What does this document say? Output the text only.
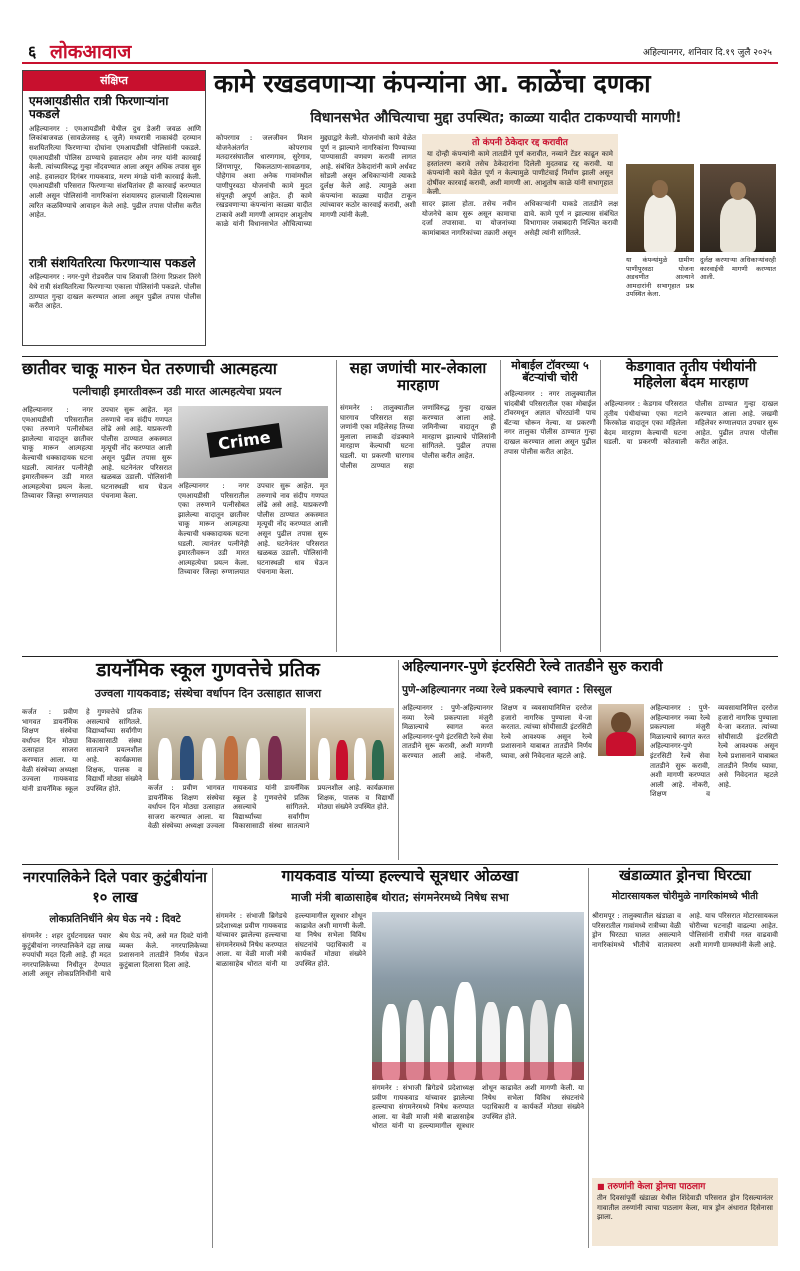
६ लोकआवाज	अहिल्यानगर, शनिवार दि.१९ जुलै २०२५
संक्षिप्त
एमआयडीसीत रात्री फिरणाऱ्यांना पकडले
अहिल्यानगर : एमआयडीसी येथील दुध डेअरी जवळ आणि लिकांबाजवळ (सावळेजसह ६ जुलै) मध्यरात्री नाकाबंदी दरम्यान सशयितरित्या फिरणाऱ्या दोघांना एमआयडीसी पोलिसांनी पकडले. एमआयडीसी पोलिस ठाण्याचे हवालदार ओम नगर यांनी कारवाई केली. त्यांच्याविरुद्ध गुन्हा नोंदवण्यात आला असून अधिक तपास सुरु आहे. हवालदार दिगंबर गायकवाड, मरण मंगळे यांनी कारवाई केली. एमआयडीसी परिसरात फिरणाऱ्या संशयितांवर ही कारवाई करण्यात आली असून पोलिसांनी नागरिकांना संशयास्पद हालचाली दिसल्यास त्वरित कळविण्याचे आवाहन केले आहे. पुढील तपास पोलीस करीत आहेत.
रात्री संशयितरित्या फिरणाऱ्यास पकडले
अहिल्यानगर : नगर-पुणे रोडवरील पाच शिवाजी तिरंगा रिफ्रशर तिरंगे येथे रात्री संशयितरित्या फिरणाऱ्या एकाला पोलिसांनी पकडले. पोलीस ठाण्यात गुन्हा दाखल करण्यात आला असून पुढील तपास पोलीस करीत आहेत.
कामे रखडवणाऱ्या कंपन्यांना आ. काळेंचा दणका
विधानसभेत औचित्याचा मुद्दा उपस्थित; काळ्या यादीत टाकण्याची मागणी!
कोपरगाव : जलजीवन मिशन योजनेअंतर्गत कोपरगाव मतदारसंघातील धारणगाव, सुरेगाव, शिंगणापूर, चिकलठाण-सावळगाव, पोहेगाव अशा अनेक गावांमधील पाणीपुरवठा योजनांची कामे मुदत संपूनही अपूर्ण आहेत. ही कामे रखडवणाऱ्या कंपन्यांना काळ्या यादीत टाकावे अशी मागणी आमदार आशुतोष काळे यांनी विधानसभेत औचित्याच्या मुद्द्याद्वारे केली. योजनांची कामे वेळेत पूर्ण न झाल्याने नागरिकांना पिण्याच्या पाण्यासाठी वणवण करावी लागत आहे. संबंधित ठेकेदारांनी कामे अर्धवट सोडली असून अधिकाऱ्यांनी त्याकडे दुर्लक्ष केले आहे. त्यामुळे अशा कंपन्यांना काळ्या यादीत टाकून त्यांच्यावर कठोर कारवाई करावी, अशी मागणी त्यांनी केली.
तो कंपनी ठेकेदार रद्द करावीत
या दोन्ही कंपन्यांनी कामे तातडीने पूर्ण करावीत, नव्याने टेंडर काढून कामे हस्तांतरण करावे तसेच ठेकेदारांना दिलेली मुदतवाढ रद्द करावी. या कंपन्यांनी कामे वेळेत पूर्ण न केल्यामुळे पाणीटंचाई निर्माण झाली असून दोषींवर कारवाई करावी, अशी मागणी आ. आशुतोष काळे यांनी सभागृहात केली.
सादर झाला होता. तसेच नवीन योजनेचे काम सुरू असून कामाचा दर्जा तपासावा. या योजनांच्या कामांबाबत नागरिकांच्या तक्रारी असून अधिकाऱ्यांनी याकडे तातडीने लक्ष द्यावे. कामे पूर्ण न झाल्यास संबंधित विभागावर जबाबदारी निश्चित करावी असेही त्यांनी सांगितले.
या कंपन्यांमुळे ग्रामीण पाणीपुरवठा योजना अडचणीत आल्याने आमदारांनी सभागृहात प्रश्न उपस्थित केला.
दुर्लक्ष करणाऱ्या अधिकाऱ्यांवरही कारवाईची मागणी करण्यात आली.
छातीवर चाकू मारुन घेत तरुणाची आत्महत्या
पत्नीचाही इमारतीवरून उडी मारत आत्महत्येचा प्रयत्न
अहिल्यानगर : नगर एमआयडीसी परिसरातील एका तरुणाने पत्नीसोबत झालेल्या वादातून छातीवर चाकू मारून आत्महत्या केल्याची धक्कादायक घटना घडली. त्यानंतर पत्नीनेही इमारतीवरून उडी मारत आत्महत्येचा प्रयत्न केला. तिच्यावर जिल्हा रुग्णालयात उपचार सुरू आहेत. मृत तरुणाचे नाव संदीप गणपत लोंढे असे आहे. याप्रकरणी पोलीस ठाण्यात अकस्मात मृत्यूची नोंद करण्यात आली असून पुढील तपास सुरू आहे. घटनेनंतर परिसरात खळबळ उडाली. पोलिसांनी घटनास्थळी धाव घेऊन पंचनामा केला.
Crime
अहिल्यानगर : नगर एमआयडीसी परिसरातील एका तरुणाने पत्नीसोबत झालेल्या वादातून छातीवर चाकू मारून आत्महत्या केल्याची धक्कादायक घटना घडली. त्यानंतर पत्नीनेही इमारतीवरून उडी मारत आत्महत्येचा प्रयत्न केला. तिच्यावर जिल्हा रुग्णालयात उपचार सुरू आहेत. मृत तरुणाचे नाव संदीप गणपत लोंढे असे आहे. याप्रकरणी पोलीस ठाण्यात अकस्मात मृत्यूची नोंद करण्यात आली असून पुढील तपास सुरू आहे. घटनेनंतर परिसरात खळबळ उडाली. पोलिसांनी घटनास्थळी धाव घेऊन पंचनामा केला.
सहा जणांची मार-लेकाला मारहाण
संगमनेर : तालुक्यातील घारगाव परिसरात सहा जणांनी एका महिलेसह तिच्या मुलाला लाकडी दांडक्याने मारहाण केल्याची घटना घडली. या प्रकरणी घारगाव पोलीस ठाण्यात सहा जणांविरुद्ध गुन्हा दाखल करण्यात आला आहे. जमिनीच्या वादातून ही मारहाण झाल्याचे पोलिसांनी सांगितले. पुढील तपास पोलीस करीत आहेत.
मोबाईल टॉवरच्या ५ बॅटऱ्यांची चोरी
अहिल्यानगर : नगर तालुक्यातील चांदबीबी परिसरातील एका मोबाईल टॉवरमधून अज्ञात चोरट्यांनी पाच बॅटऱ्या चोरून नेल्या. या प्रकरणी नगर तालुका पोलीस ठाण्यात गुन्हा दाखल करण्यात आला असून पुढील तपास पोलीस करीत आहेत.
केडगावात तृतीय पंथीयांनी महिलेला बेदम मारहाण
अहिल्यानगर : केडगाव परिसरात तृतीय पंथीयांच्या एका गटाने किरकोळ वादातून एका महिलेला बेदम मारहाण केल्याची घटना घडली. या प्रकरणी कोतवाली पोलीस ठाण्यात गुन्हा दाखल करण्यात आला आहे. जखमी महिलेवर रुग्णालयात उपचार सुरू आहेत. पुढील तपास पोलीस करीत आहेत.
डायनॅमिक स्कूल गुणवत्तेचे प्रतिक
उज्वला गायकवाड; संस्थेचा वर्धापन दिन उत्साहात साजरा
कर्जत : प्रवीण भागवत डायनॅमिक शिक्षण संस्थेचा वर्धापन दिन मोठ्या उत्साहात साजरा करण्यात आला. या वेळी संस्थेच्या अध्यक्षा उज्वला गायकवाड यांनी डायनॅमिक स्कूल हे गुणवत्तेचे प्रतिक असल्याचे सांगितले. विद्यार्थ्यांच्या सर्वांगीण विकासासाठी संस्था सातत्याने प्रयत्नशील आहे. कार्यक्रमास शिक्षक, पालक व विद्यार्थी मोठ्या संख्येने उपस्थित होते.	कर्जत : प्रवीण भागवत डायनॅमिक शिक्षण संस्थेचा वर्धापन दिन मोठ्या उत्साहात साजरा करण्यात आला. या वेळी संस्थेच्या अध्यक्षा उज्वला गायकवाड यांनी डायनॅमिक स्कूल हे गुणवत्तेचे प्रतिक असल्याचे सांगितले. विद्यार्थ्यांच्या सर्वांगीण विकासासाठी संस्था सातत्याने प्रयत्नशील आहे. कार्यक्रमास शिक्षक, पालक व विद्यार्थी मोठ्या संख्येने उपस्थित होते.
अहिल्यानगर-पुणे इंटरसिटी रेल्वे तातडीने सुरु करावी
पुणे-अहिल्यानगर नव्या रेल्वे प्रकल्पाचे स्वागत : सिस्सुल
अहिल्यानगर : पुणे-अहिल्यानगर नव्या रेल्वे प्रकल्पाला मंजुरी मिळाल्याचे स्वागत करत अहिल्यानगर-पुणे इंटरसिटी रेल्वे सेवा तातडीने सुरू करावी, अशी मागणी करण्यात आली आहे. नोकरी, शिक्षण व व्यवसायानिमित्त दररोज हजारो नागरिक पुण्याला ये-जा करतात. त्यांच्या सोयीसाठी इंटरसिटी रेल्वे आवश्यक असून रेल्वे प्रशासनाने याबाबत तातडीने निर्णय घ्यावा, असे निवेदनात म्हटले आहे.
अहिल्यानगर : पुणे-अहिल्यानगर नव्या रेल्वे प्रकल्पाला मंजुरी मिळाल्याचे स्वागत करत अहिल्यानगर-पुणे इंटरसिटी रेल्वे सेवा तातडीने सुरू करावी, अशी मागणी करण्यात आली आहे. नोकरी, शिक्षण व व्यवसायानिमित्त दररोज हजारो नागरिक पुण्याला ये-जा करतात. त्यांच्या सोयीसाठी इंटरसिटी रेल्वे आवश्यक असून रेल्वे प्रशासनाने याबाबत तातडीने निर्णय घ्यावा, असे निवेदनात म्हटले आहे.
नगरपालिकेने दिले पवार कुटुंबीयांना १० लाख
लोकप्रतिनिधींने श्रेय घेऊ नये : दिवटे
संगमनेर : शहर दुर्घटनाग्रस्त पवार कुटुंबीयांना नगरपालिकेने दहा लाख रुपयांची मदत दिली आहे. ही मदत नगरपालिकेच्या निधीतून देण्यात आली असून लोकप्रतिनिधींनी याचे श्रेय घेऊ नये, असे मत दिवटे यांनी व्यक्त केले. नगरपालिकेच्या प्रशासनाने तातडीने निर्णय घेऊन कुटुंबाला दिलासा दिला आहे.
गायकवाड यांच्या हल्ल्याचे सूत्रधार ओळखा
माजी मंत्री बाळासाहेब थोरात; संगमनेरमध्ये निषेध सभा
संगमनेर : संभाजी ब्रिगेडचे प्रदेशाध्यक्ष प्रवीण गायकवाड यांच्यावर झालेल्या हल्ल्याचा संगमनेरमध्ये निषेध करण्यात आला. या वेळी माजी मंत्री बाळासाहेब थोरात यांनी या हल्ल्यामागील सूत्रधार शोधून काढावेत अशी मागणी केली. या निषेध सभेला विविध संघटनांचे पदाधिकारी व कार्यकर्ते मोठ्या संख्येने उपस्थित होते.
संगमनेर : संभाजी ब्रिगेडचे प्रदेशाध्यक्ष प्रवीण गायकवाड यांच्यावर झालेल्या हल्ल्याचा संगमनेरमध्ये निषेध करण्यात आला. या वेळी माजी मंत्री बाळासाहेब थोरात यांनी या हल्ल्यामागील सूत्रधार शोधून काढावेत अशी मागणी केली. या निषेध सभेला विविध संघटनांचे पदाधिकारी व कार्यकर्ते मोठ्या संख्येने उपस्थित होते.
खंडाळ्यात ड्रोनचा घिरट्या
मोटारसायकल चोरीमुळे नागरिकांमध्ये भीती
श्रीरामपूर : तालुक्यातील खंडाळा व परिसरातील गावांमध्ये रात्रीच्या वेळी ड्रोन घिरट्या घालत असल्याने नागरिकांमध्ये भीतीचे वातावरण आहे. याच परिसरात मोटारसायकल चोरीच्या घटनाही वाढल्या आहेत. पोलिसांनी रात्रीची गस्त वाढवावी अशी मागणी ग्रामस्थांनी केली आहे.
■ तरुणांनी केला ड्रोनचा पाठलाग
तीन दिवसांपूर्वी खंडाळा येथील शिंदेवाडी परिसरात ड्रोन दिसल्यानंतर गावातील तरुणांनी त्याचा पाठलाग केला, मात्र ड्रोन अंधारात दिसेनासा झाला.
